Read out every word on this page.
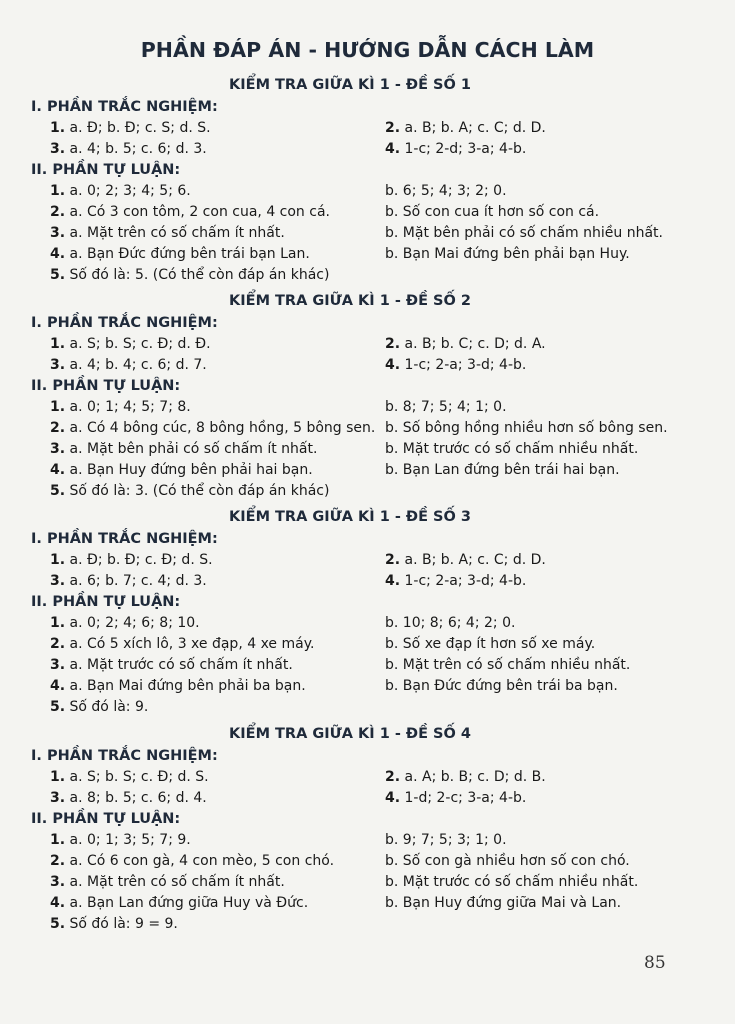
PHẦN ĐÁP ÁN - HƯỚNG DẪN CÁCH LÀM
KIỂM TRA GIỮA KÌ 1 - ĐỀ SỐ 1
I. PHẦN TRẮC NGHIỆM:
1. a. Đ; b. Đ; c. S; d. S.	2. a. B; b. A; c. C; d. D.
3. a. 4; b. 5; c. 6; d. 3.	4. 1-c; 2-d; 3-a; 4-b.
II. PHẦN TỰ LUẬN:
1. a. 0; 2; 3; 4; 5; 6.	b. 6; 5; 4; 3; 2; 0.
2. a. Có 3 con tôm, 2 con cua, 4 con cá.	b. Số con cua ít hơn số con cá.
3. a. Mặt trên có số chấm ít nhất.	b. Mặt bên phải có số chấm nhiều nhất.
4. a. Bạn Đức đứng bên trái bạn Lan.	b. Bạn Mai đứng bên phải bạn Huy.
5. Số đó là: 5. (Có thể còn đáp án khác)
KIỂM TRA GIỮA KÌ 1 - ĐỀ SỐ 2
I. PHẦN TRẮC NGHIỆM:
1. a. S; b. S; c. Đ; d. Đ.	2. a. B; b. C; c. D; d. A.
3. a. 4; b. 4; c. 6; d. 7.	4. 1-c; 2-a; 3-d; 4-b.
II. PHẦN TỰ LUẬN:
1. a. 0; 1; 4; 5; 7; 8.	b. 8; 7; 5; 4; 1; 0.
2. a. Có 4 bông cúc, 8 bông hồng, 5 bông sen. b. Số bông hồng nhiều hơn số bông sen.
3. a. Mặt bên phải có số chấm ít nhất.	b. Mặt trước có số chấm nhiều nhất.
4. a. Bạn Huy đứng bên phải hai bạn.	b. Bạn Lan đứng bên trái hai bạn.
5. Số đó là: 3. (Có thể còn đáp án khác)
KIỂM TRA GIỮA KÌ 1 - ĐỀ SỐ 3
I. PHẦN TRẮC NGHIỆM:
1. a. Đ; b. Đ; c. Đ; d. S.	2. a. B; b. A; c. C; d. D.
3. a. 6; b. 7; c. 4; d. 3.	4. 1-c; 2-a; 3-d; 4-b.
II. PHẦN TỰ LUẬN:
1. a. 0; 2; 4; 6; 8; 10.	b. 10; 8; 6; 4; 2; 0.
2. a. Có 5 xích lô, 3 xe đạp, 4 xe máy.	b. Số xe đạp ít hơn số xe máy.
3. a. Mặt trước có số chấm ít nhất.	b. Mặt trên có số chấm nhiều nhất.
4. a. Bạn Mai đứng bên phải ba bạn.	b. Bạn Đức đứng bên trái ba bạn.
5. Số đó là: 9.
KIỂM TRA GIỮA KÌ 1 - ĐỀ SỐ 4
I. PHẦN TRẮC NGHIỆM:
1. a. S; b. S; c. Đ; d. S.	2. a. A; b. B; c. D; d. B.
3. a. 8; b. 5; c. 6; d. 4.	4. 1-d; 2-c; 3-a; 4-b.
II. PHẦN TỰ LUẬN:
1. a. 0; 1; 3; 5; 7; 9.	b. 9; 7; 5; 3; 1; 0.
2. a. Có 6 con gà, 4 con mèo, 5 con chó.	b. Số con gà nhiều hơn số con chó.
3. a. Mặt trên có số chấm ít nhất.	b. Mặt trước có số chấm nhiều nhất.
4. a. Bạn Lan đứng giữa Huy và Đức.	b. Bạn Huy đứng giữa Mai và Lan.
5. Số đó là: 9 = 9.
85
